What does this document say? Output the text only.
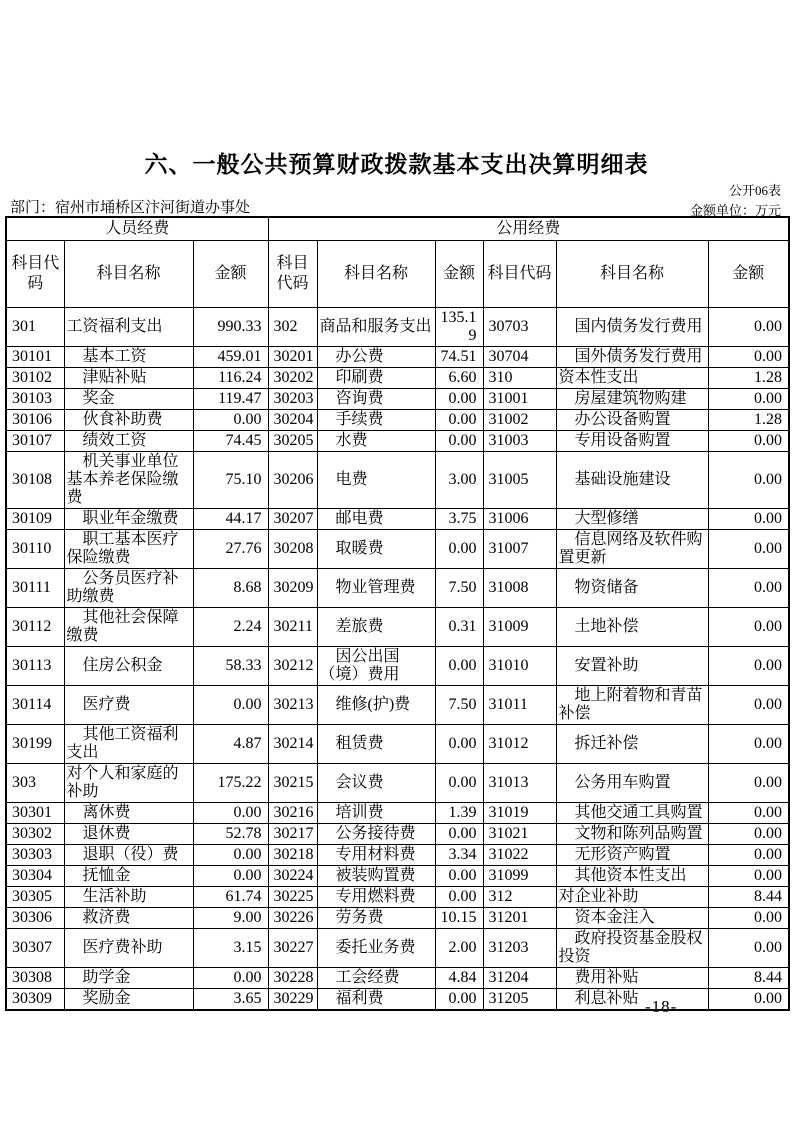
六、一般公共预算财政拨款基本支出决算明细表
公开06表
部门：宿州市埇桥区汴河街道办事处	金额单位：万元
人员经费			公用经费					
科目代码	科目名称	金额	科目代码	科目名称	金额	科目代码	科目名称	金额
301	工资福利支出	990.33	302	商品和服务支出	135.19	30703	国内债务发行费用	0.00
30101	基本工资	459.01	30201	办公费	74.51	30704	国外债务发行费用	0.00
30102	津贴补贴	116.24	30202	印刷费	6.60	310	资本性支出	1.28
30103	奖金	119.47	30203	咨询费	0.00	31001	房屋建筑物购建	0.00
30106	伙食补助费	0.00	30204	手续费	0.00	31002	办公设备购置	1.28
30107	绩效工资	74.45	30205	水费	0.00	31003	专用设备购置	0.00
30108	机关事业单位基本养老保险缴费	75.10	30206	电费	3.00	31005	基础设施建设	0.00
30109	职业年金缴费	44.17	30207	邮电费	3.75	31006	大型修缮	0.00
30110	职工基本医疗保险缴费	27.76	30208	取暖费	0.00	31007	信息网络及软件购置更新	0.00
30111	公务员医疗补助缴费	8.68	30209	物业管理费	7.50	31008	物资储备	0.00
30112	其他社会保障缴费	2.24	30211	差旅费	0.31	31009	土地补偿	0.00
30113	住房公积金	58.33	30212	因公出国（境）费用	0.00	31010	安置补助	0.00
30114	医疗费	0.00	30213	维修(护)费	7.50	31011	地上附着物和青苗补偿	0.00
30199	其他工资福利支出	4.87	30214	租赁费	0.00	31012	拆迁补偿	0.00
303	对个人和家庭的补助	175.22	30215	会议费	0.00	31013	公务用车购置	0.00
30301	离休费	0.00	30216	培训费	1.39	31019	其他交通工具购置	0.00
30302	退休费	52.78	30217	公务接待费	0.00	31021	文物和陈列品购置	0.00
30303	退职（役）费	0.00	30218	专用材料费	3.34	31022	无形资产购置	0.00
30304	抚恤金	0.00	30224	被装购置费	0.00	31099	其他资本性支出	0.00
30305	生活补助	61.74	30225	专用燃料费	0.00	312	对企业补助	8.44
30306	救济费	9.00	30226	劳务费	10.15	31201	资本金注入	0.00
30307	医疗费补助	3.15	30227	委托业务费	2.00	31203	政府投资基金股权投资	0.00
30308	助学金	0.00	30228	工会经费	4.84	31204	费用补贴	8.44
30309	奖励金	3.65	30229	福利费	0.00	31205	利息补贴	0.00
-18-
